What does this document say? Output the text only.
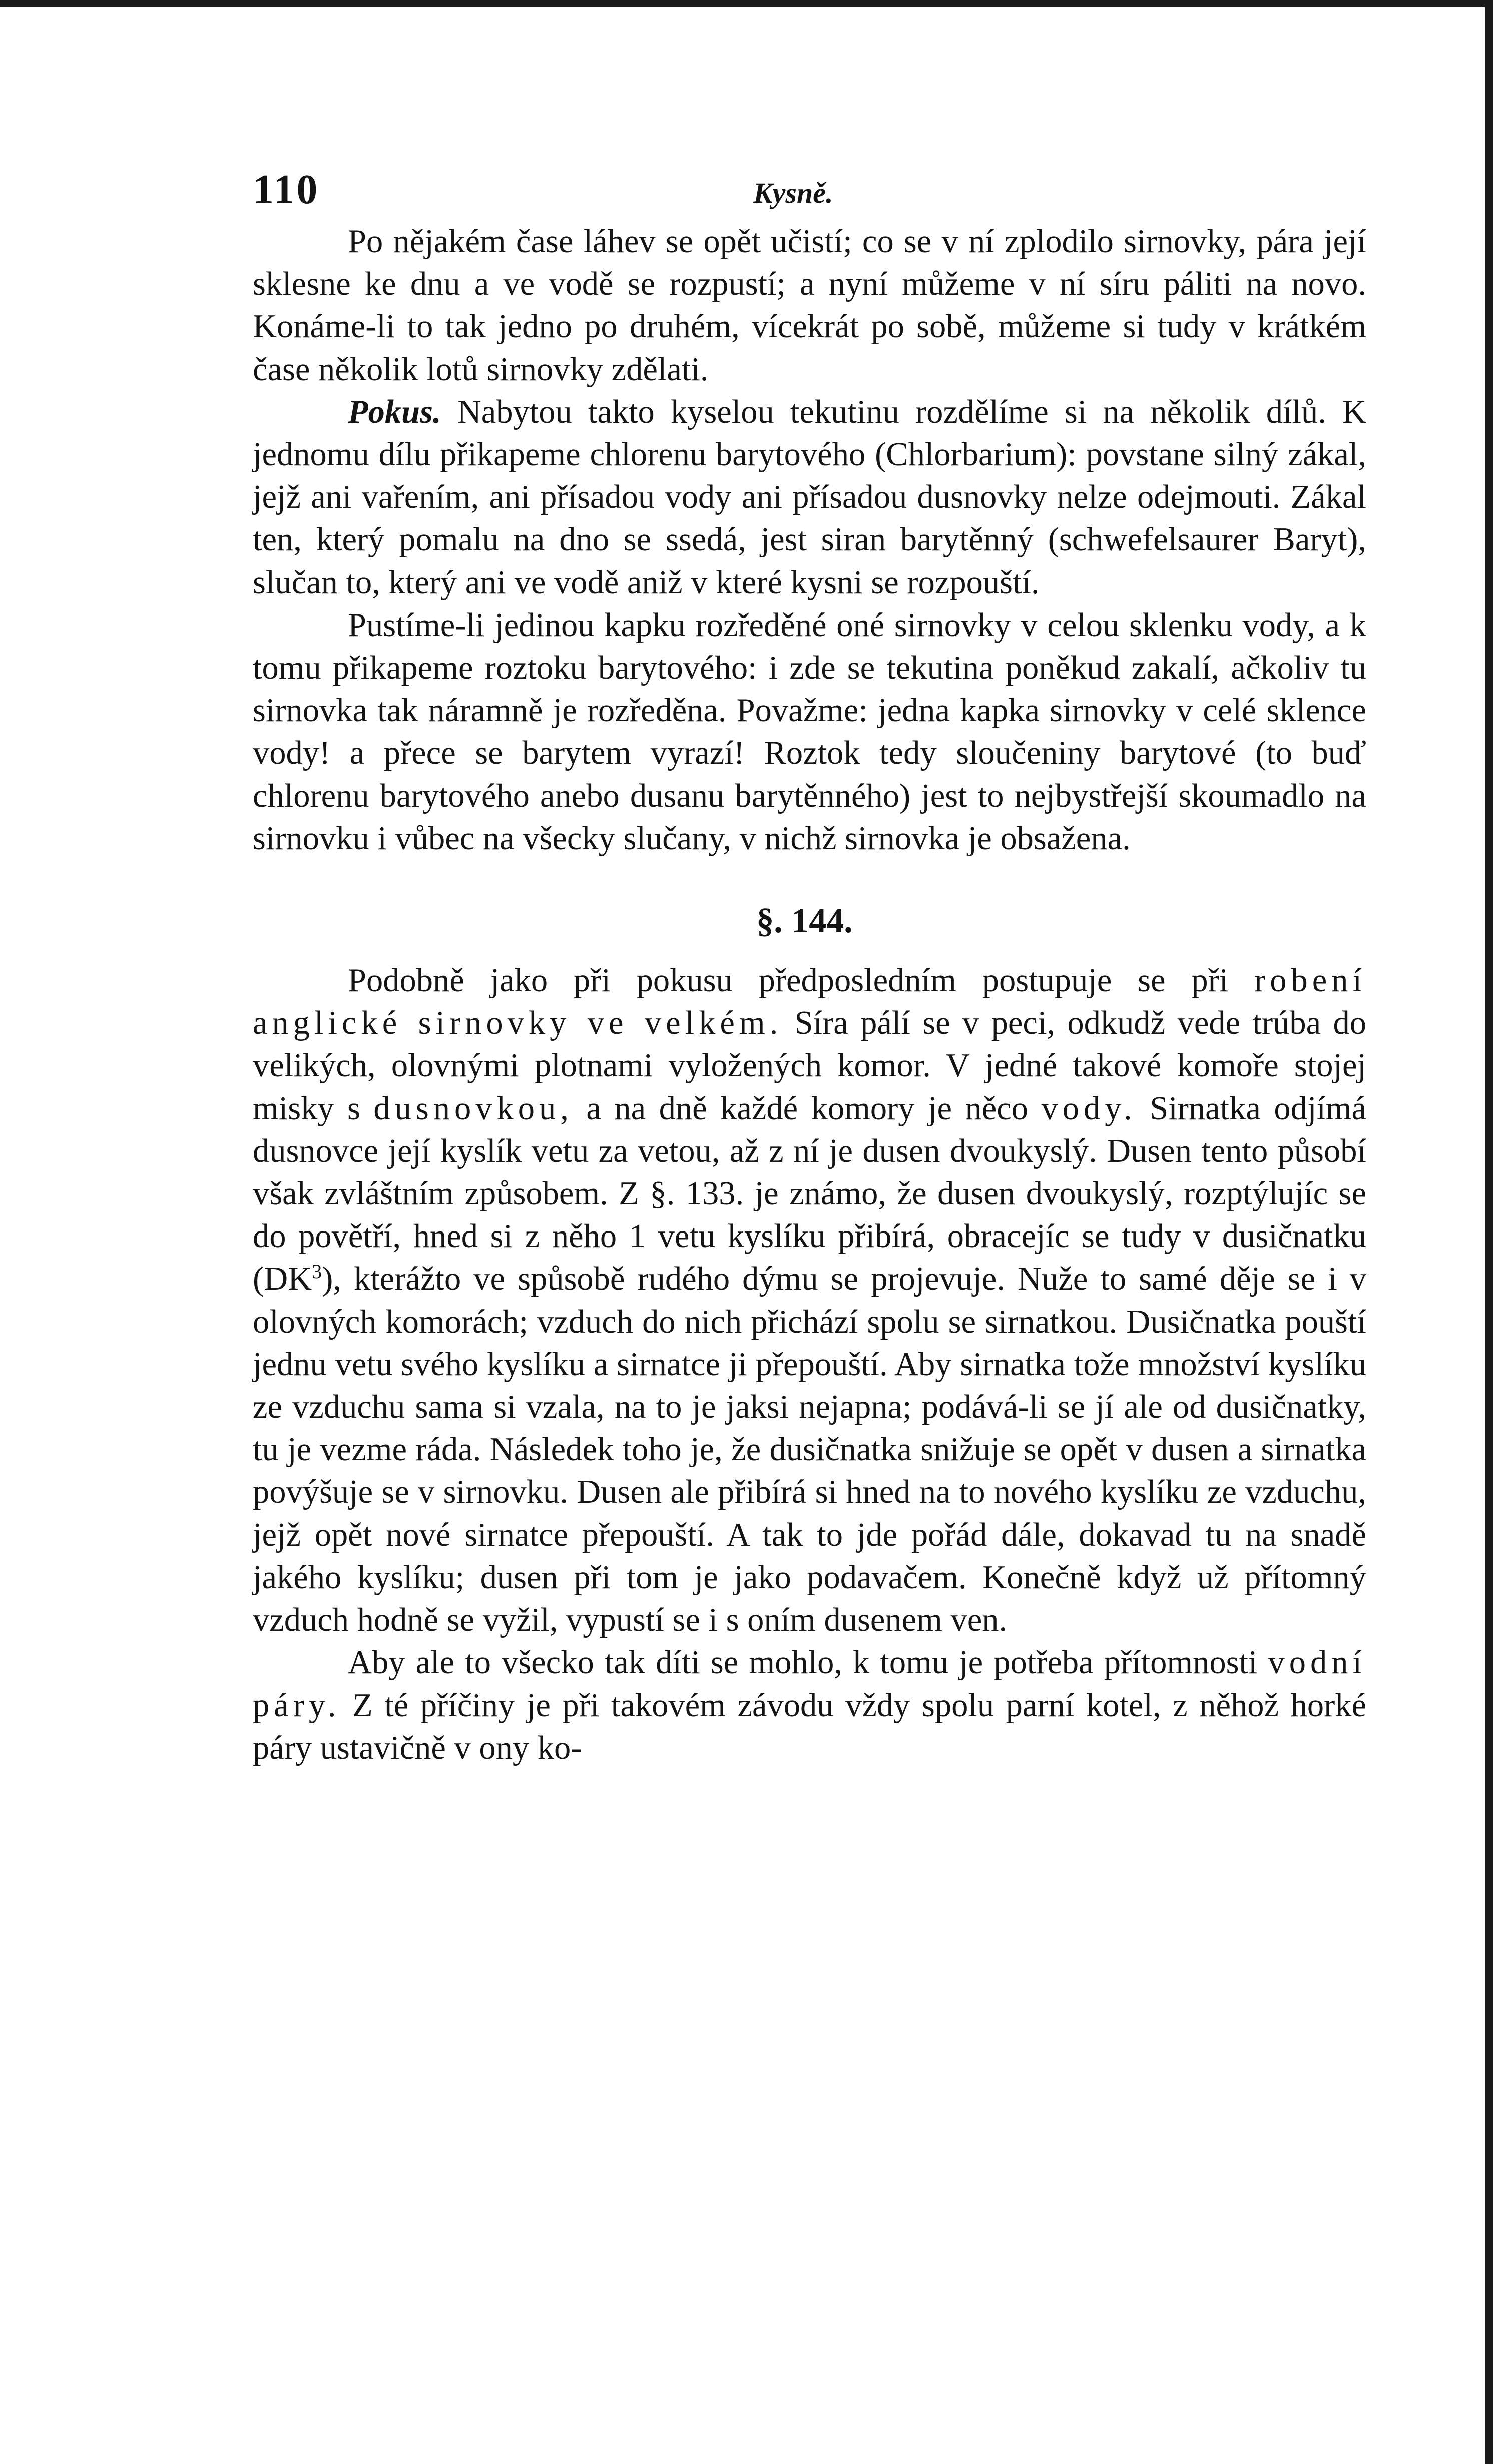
110	Kysně.

Po nějakém čase láhev se opět učistí; co se v ní zplodilo sirnovky, pára její sklesne ke dnu a ve vodě se rozpustí; a nyní můžeme v ní síru páliti na novo. Konáme-li to tak jedno po druhém, vícekrát po sobě, můžeme si tudy v krátkém čase několik lotů sirnovky zdělati.

Pokus. Nabytou takto kyselou tekutinu rozdělíme si na několik dílů. K jednomu dílu přikapeme chlorenu barytového (Chlorbarium): povstane silný zákal, jejž ani vařením, ani přísadou vody ani přísadou dusnovky nelze odejmouti. Zákal ten, který pomalu na dno se ssedá, jest siran barytěnný (schwefelsaurer Baryt), slučan to, který ani ve vodě aniž v které kysni se rozpouští.

Pustíme-li jedinou kapku rozředěné oné sirnovky v celou sklenku vody, a k tomu přikapeme roztoku barytového: i zde se tekutina poněkud zakalí, ačkoliv tu sirnovka tak náramně je rozředěna. Považme: jedna kapka sirnovky v celé sklence vody! a přece se barytem vyrazí! Roztok tedy sloučeniny barytové (to buď chlorenu barytového anebo dusanu barytěnného) jest to nejbystřejší skoumadlo na sirnovku i vůbec na všecky slučany, v nichž sirnovka je obsažena.

§. 144.

Podobně jako při pokusu předposledním postupuje se při robení anglické sirnovky ve velkém. Síra pálí se v peci, odkudž vede trúba do velikých, olovnými plotnami vyložených komor. V jedné takové komoře stojej misky s dusnovkou, a na dně každé komory je něco vody. Sirnatka odjímá dusnovce její kyslík vetu za vetou, až z ní je dusen dvoukyslý. Dusen tento působí však zvláštním způsobem. Z §. 133. je známo, že dusen dvoukyslý, rozptýlujíc se do povětří, hned si z něho 1 vetu kyslíku přibírá, obracejíc se tudy v dusičnatku $(DK^3)$, kterážto ve spůsobě rudého dýmu se projevuje. Nuže to samé děje se i v olovných komorách; vzduch do nich přichází spolu se sirnatkou. Dusičnatka pouští jednu vetu svého kyslíku a sirnatce ji přepouští. Aby sirnatka tože množství kyslíku ze vzduchu sama si vzala, na to je jaksi nejapna; podává-li se jí ale od dusičnatky, tu je vezme ráda. Následek toho je, že dusičnatka snižuje se opět v dusen a sirnatka povýšuje se v sirnovku. Dusen ale přibírá si hned na to nového kyslíku ze vzduchu, jejž opět nové sirnatce přepouští. A tak to jde pořád dále, dokavad tu na snadě jakého kyslíku; dusen při tom je jako podavačem. Konečně když už přítomný vzduch hodně se vyžil, vypustí se i s oním dusenem ven.

Aby ale to všecko tak díti se mohlo, k tomu je potřeba přítomnosti vodní páry. Z té příčiny je při takovém závodu vždy spolu parní kotel, z něhož horké páry ustavičně v ony ko-
